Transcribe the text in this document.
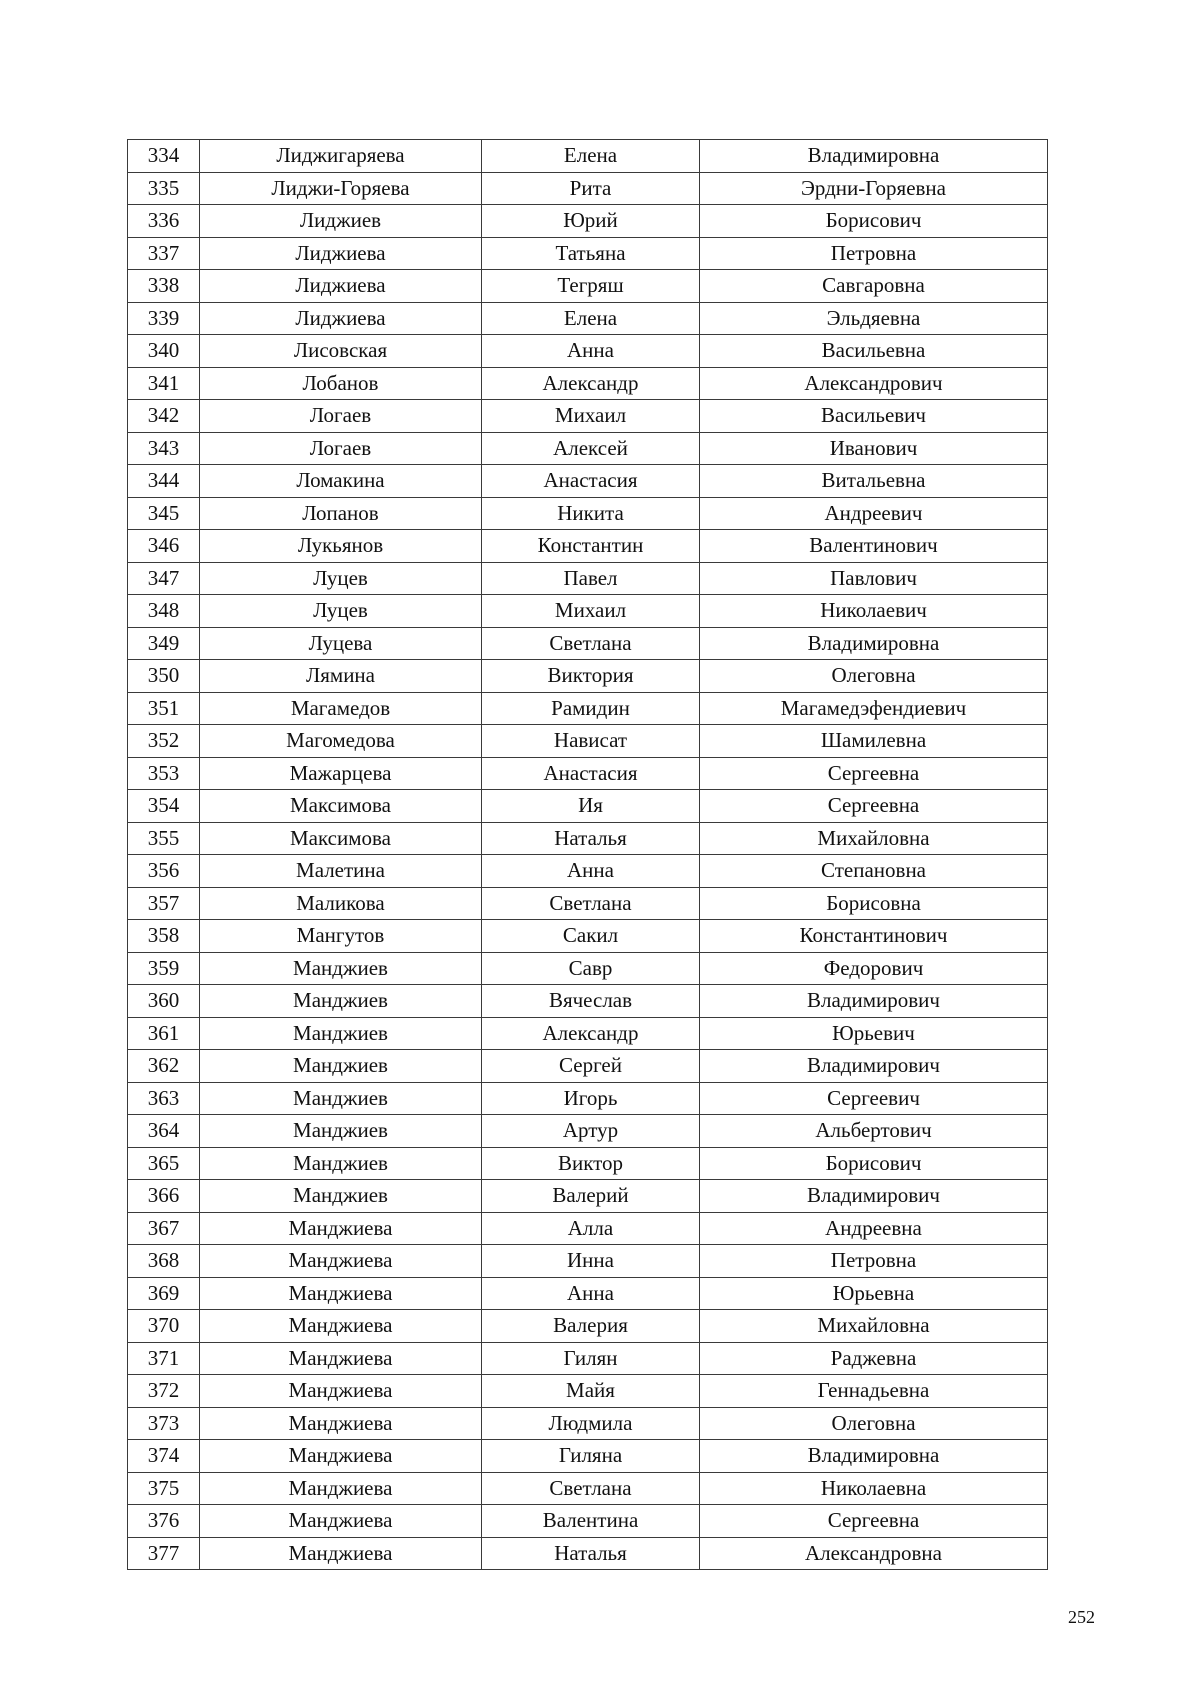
334	Лиджигаряева	Елена	Владимировна
335	Лиджи-Горяева	Рита	Эрдни-Горяевна
336	Лиджиев	Юрий	Борисович
337	Лиджиева	Татьяна	Петровна
338	Лиджиева	Тегряш	Савгаровна
339	Лиджиева	Елена	Эльдяевна
340	Лисовская	Анна	Васильевна
341	Лобанов	Александр	Александрович
342	Логаев	Михаил	Васильевич
343	Логаев	Алексей	Иванович
344	Ломакина	Анастасия	Витальевна
345	Лопанов	Никита	Андреевич
346	Лукьянов	Константин	Валентинович
347	Луцев	Павел	Павлович
348	Луцев	Михаил	Николаевич
349	Луцева	Светлана	Владимировна
350	Лямина	Виктория	Олеговна
351	Магамедов	Рамидин	Магамедэфендиевич
352	Магомедова	Нависат	Шамилевна
353	Мажарцева	Анастасия	Сергеевна
354	Максимова	Ия	Сергеевна
355	Максимова	Наталья	Михайловна
356	Малетина	Анна	Степановна
357	Маликова	Светлана	Борисовна
358	Мангутов	Сакил	Константинович
359	Манджиев	Савр	Федорович
360	Манджиев	Вячеслав	Владимирович
361	Манджиев	Александр	Юрьевич
362	Манджиев	Сергей	Владимирович
363	Манджиев	Игорь	Сергеевич
364	Манджиев	Артур	Альбертович
365	Манджиев	Виктор	Борисович
366	Манджиев	Валерий	Владимирович
367	Манджиева	Алла	Андреевна
368	Манджиева	Инна	Петровна
369	Манджиева	Анна	Юрьевна
370	Манджиева	Валерия	Михайловна
371	Манджиева	Гилян	Раджевна
372	Манджиева	Майя	Геннадьевна
373	Манджиева	Людмила	Олеговна
374	Манджиева	Гиляна	Владимировна
375	Манджиева	Светлана	Николаевна
376	Манджиева	Валентина	Сергеевна
377	Манджиева	Наталья	Александровна
252
